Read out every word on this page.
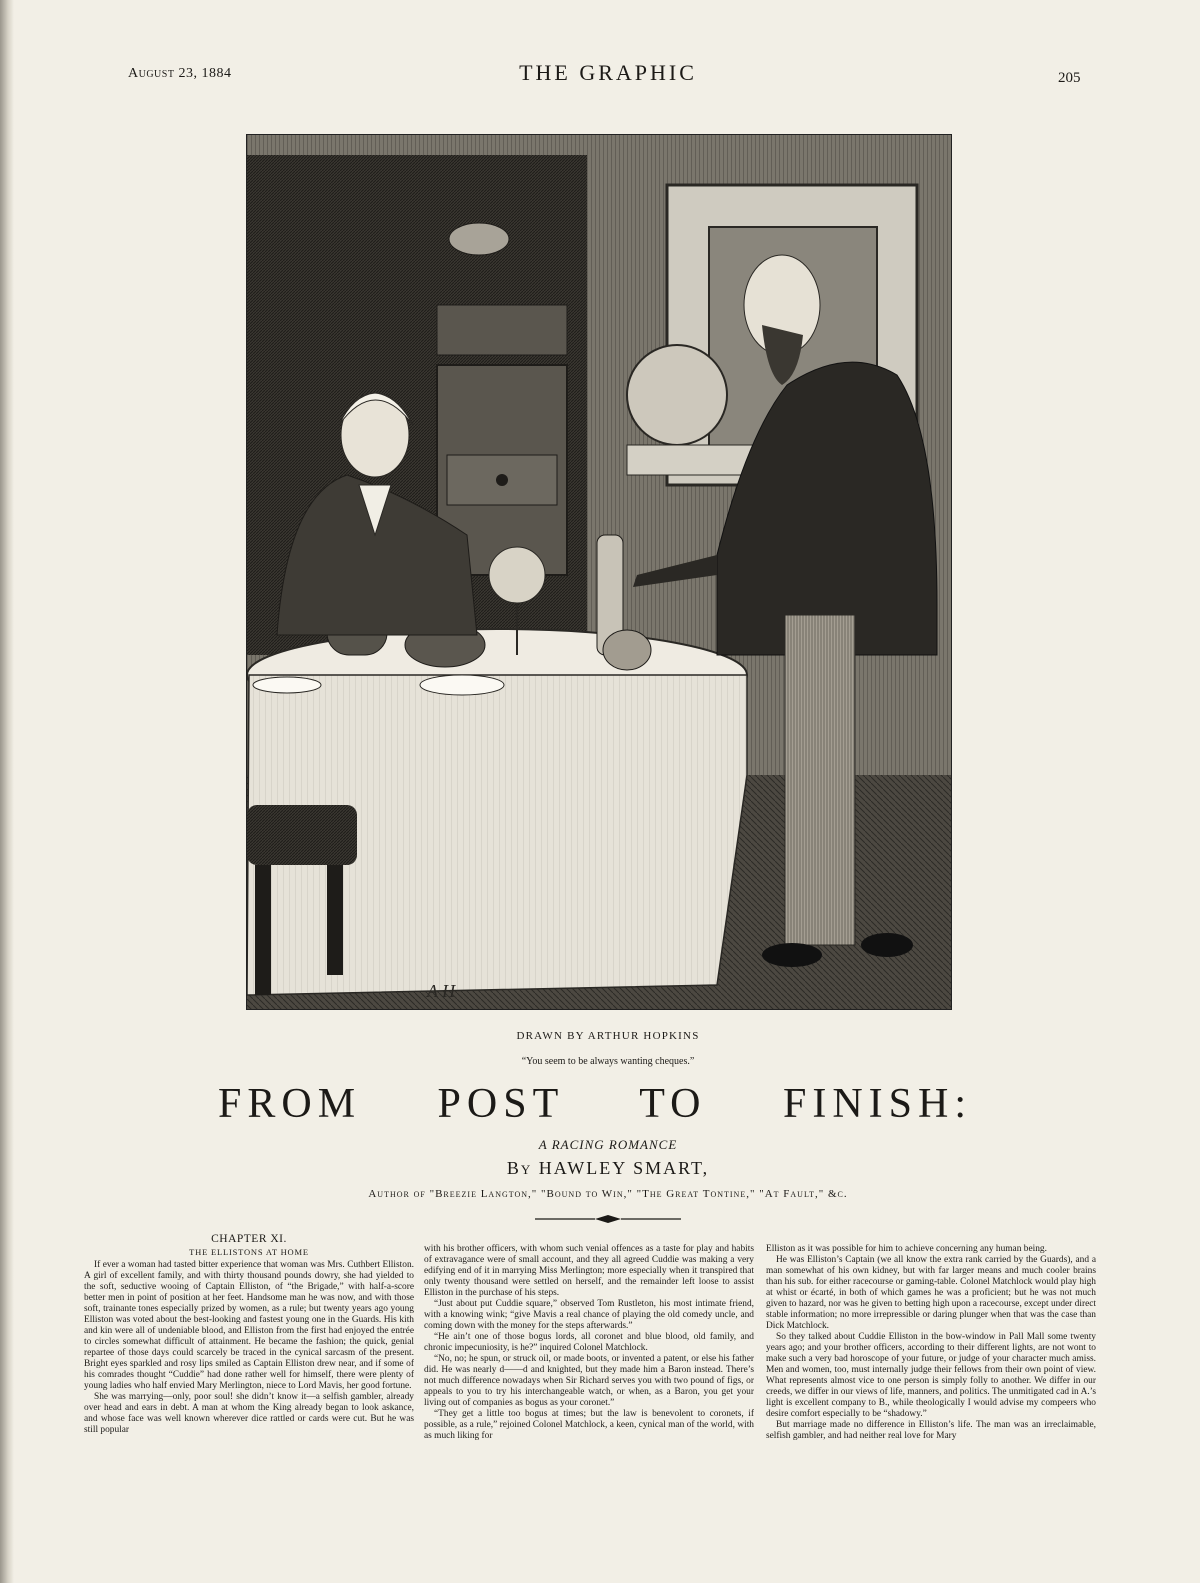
August 23, 1884	THE GRAPHIC	205
A H
DRAWN BY ARTHUR HOPKINS
“You seem to be always wanting cheques.”
FROM POST TO FINISH:
A RACING ROMANCE
By HAWLEY SMART,
Author of "Breezie Langton," "Bound to Win," "The Great Tontine," "At Fault," &c.
CHAPTER XI.
THE ELLISTONS AT HOME

If ever a woman had tasted bitter experience that woman was Mrs. Cuthbert Elliston. A girl of excellent family, and with thirty thousand pounds dowry, she had yielded to the soft, seductive wooing of Captain Elliston, of “the Brigade,” with half-a-score better men in point of position at her feet. Handsome man he was now, and with those soft, trainante tones especially prized by women, as a rule; but twenty years ago young Elliston was voted about the best-looking and fastest young one in the Guards. His kith and kin were all of undeniable blood, and Elliston from the first had enjoyed the entrée to circles somewhat difficult of attainment. He became the fashion; the quick, genial repartee of those days could scarcely be traced in the cynical sarcasm of the present. Bright eyes sparkled and rosy lips smiled as Captain Elliston drew near, and if some of his comrades thought “Cuddie” had done rather well for himself, there were plenty of young ladies who half envied Mary Merlington, niece to Lord Mavis, her good fortune.

She was marrying—only, poor soul! she didn’t know it—a selfish gambler, already over head and ears in debt. A man at whom the King already began to look askance, and whose face was well known wherever dice rattled or cards were cut. But he was still popular

with his brother officers, with whom such venial offences as a taste for play and habits of extravagance were of small account, and they all agreed Cuddie was making a very edifying end of it in marrying Miss Merlington; more especially when it transpired that only twenty thousand were settled on herself, and the remainder left loose to assist Elliston in the purchase of his steps.

“Just about put Cuddie square,” observed Tom Rustleton, his most intimate friend, with a knowing wink; “give Mavis a real chance of playing the old comedy uncle, and coming down with the money for the steps afterwards.”

“He ain’t one of those bogus lords, all coronet and blue blood, old family, and chronic impecuniosity, is he?” inquired Colonel Matchlock.

“No, no; he spun, or struck oil, or made boots, or invented a patent, or else his father did. He was nearly d——d and knighted, but they made him a Baron instead. There’s not much difference nowadays when Sir Richard serves you with two pound of figs, or appeals to you to try his interchangeable watch, or when, as a Baron, you get your living out of companies as bogus as your coronet.”

“They get a little too bogus at times; but the law is benevolent to coronets, if possible, as a rule,” rejoined Colonel Matchlock, a keen, cynical man of the world, with as much liking for

Elliston as it was possible for him to achieve concerning any human being.

He was Elliston’s Captain (we all know the extra rank carried by the Guards), and a man somewhat of his own kidney, but with far larger means and much cooler brains than his sub. for either racecourse or gaming-table. Colonel Matchlock would play high at whist or écarté, in both of which games he was a proficient; but he was not much given to hazard, nor was he given to betting high upon a racecourse, except under direct stable information; no more irrepressible or daring plunger when that was the case than Dick Matchlock.

So they talked about Cuddie Elliston in the bow-window in Pall Mall some twenty years ago; and your brother officers, according to their different lights, are not wont to make such a very bad horoscope of your future, or judge of your character much amiss. Men and women, too, must internally judge their fellows from their own point of view. What represents almost vice to one person is simply folly to another. We differ in our creeds, we differ in our views of life, manners, and politics. The unmitigated cad in A.’s light is excellent company to B., while theologically I would advise my compeers who desire comfort especially to be “shadowy.”

But marriage made no difference in Elliston’s life. The man was an irreclaimable, selfish gambler, and had neither real love for Mary
